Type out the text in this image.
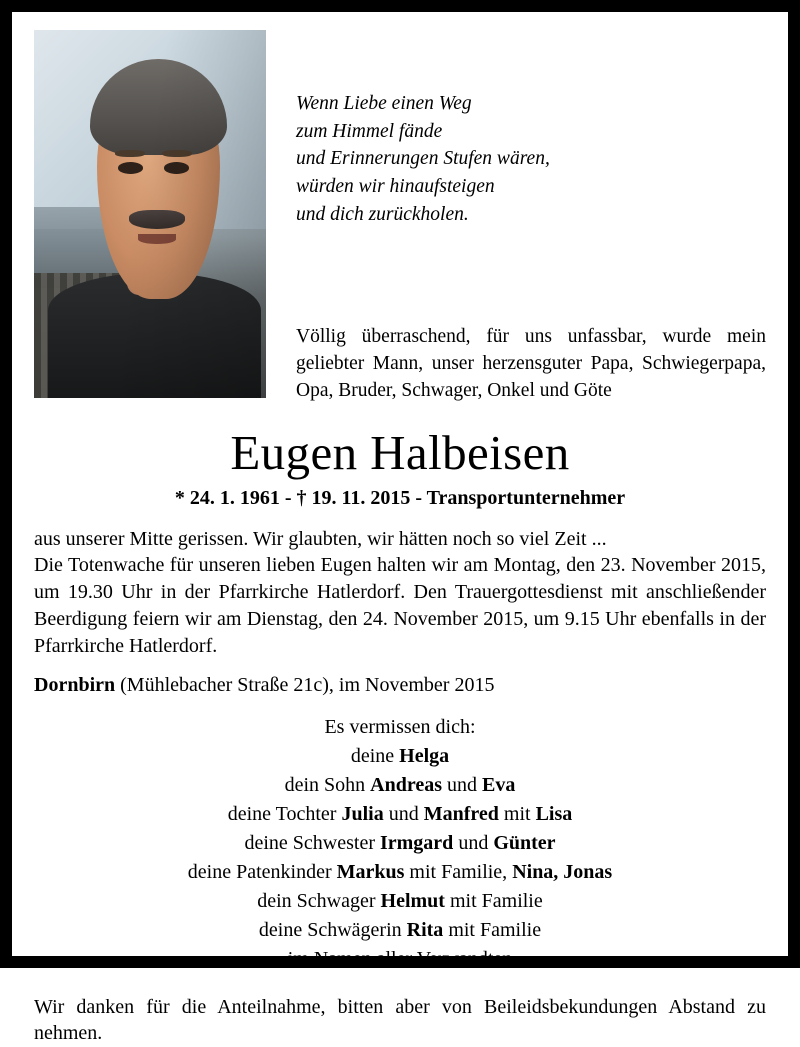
Wenn Liebe einen Weg
zum Himmel fände
und Erinnerungen Stufen wären,
würden wir hinaufsteigen
und dich zurückholen.
Völlig überraschend, für uns unfassbar, wurde mein geliebter Mann, unser herzensguter Papa, Schwiegerpapa, Opa, Bruder, Schwager, Onkel und Göte
Eugen Halbeisen
* 24. 1. 1961 - † 19. 11. 2015 - Transportunternehmer

aus unserer Mitte gerissen. Wir glaubten, wir hätten noch so viel Zeit ...

Die Totenwache für unseren lieben Eugen halten wir am Montag, den 23. November 2015, um 19.30 Uhr in der Pfarrkirche Hatlerdorf. Den Trauergottesdienst mit anschließender Beerdigung feiern wir am Dienstag, den 24. November 2015, um 9.15 Uhr ebenfalls in der Pfarrkirche Hatlerdorf.

Dornbirn (Mühlebacher Straße 21c), im November 2015
Es vermissen dich:
deine Helga
dein Sohn Andreas und Eva
deine Tochter Julia und Manfred mit Lisa
deine Schwester Irmgard und Günter
deine Patenkinder Markus mit Familie, Nina, Jonas
dein Schwager Helmut mit Familie
deine Schwägerin Rita mit Familie
im Namen aller Verwandten
Wir danken für die Anteilnahme, bitten aber von Beileidsbekundungen Abstand zu nehmen.
